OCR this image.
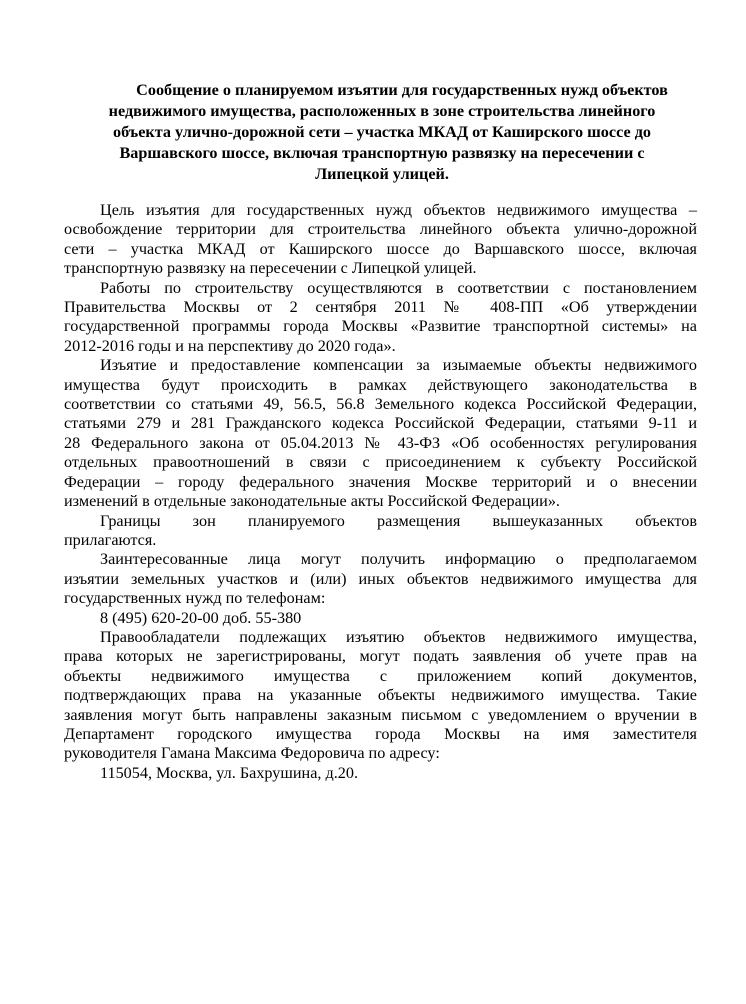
Сообщение о планируемом изъятии для государственных нужд объектов
недвижимого имущества, расположенных в зоне строительства линейного
объекта улично-дорожной сети – участка МКАД от Каширского шоссе до
Варшавского шоссе, включая транспортную развязку на пересечении с
Липецкой улицей.

Цель изъятия для государственных нужд объектов недвижимого имущества –
освобождение территории для строительства линейного объекта улично-дорожной
сети – участка МКАД от Каширского шоссе до Варшавского шоссе, включая
транспортную развязку на пересечении с Липецкой улицей.

Работы по строительству осуществляются в соответствии с постановлением
Правительства Москвы от 2 сентября 2011 № 408-ПП «Об утверждении
государственной программы города Москвы «Развитие транспортной системы» на
2012-2016 годы и на перспективу до 2020 года».

Изъятие и предоставление компенсации за изымаемые объекты недвижимого
имущества будут происходить в рамках действующего законодательства в
соответствии со статьями 49, 56.5, 56.8 Земельного кодекса Российской Федерации,
статьями 279 и 281 Гражданского кодекса Российской Федерации, статьями 9-11 и
28 Федерального закона от 05.04.2013 № 43-ФЗ «Об особенностях регулирования
отдельных правоотношений в связи с присоединением к субъекту Российской
Федерации – городу федерального значения Москве территорий и о внесении
изменений в отдельные законодательные акты Российской Федерации».

Границы зон планируемого размещения вышеуказанных объектов
прилагаются.

Заинтересованные лица могут получить информацию о предполагаемом
изъятии земельных участков и (или) иных объектов недвижимого имущества для
государственных нужд по телефонам:

8 (495) 620-20-00 доб. 55-380

Правообладатели подлежащих изъятию объектов недвижимого имущества,
права которых не зарегистрированы, могут подать заявления об учете прав на
объекты недвижимого имущества с приложением копий документов,
подтверждающих права на указанные объекты недвижимого имущества. Такие
заявления могут быть направлены заказным письмом с уведомлением о вручении в
Департамент городского имущества города Москвы на имя заместителя
руководителя Гамана Максима Федоровича по адресу:

115054, Москва, ул. Бахрушина, д.20.
